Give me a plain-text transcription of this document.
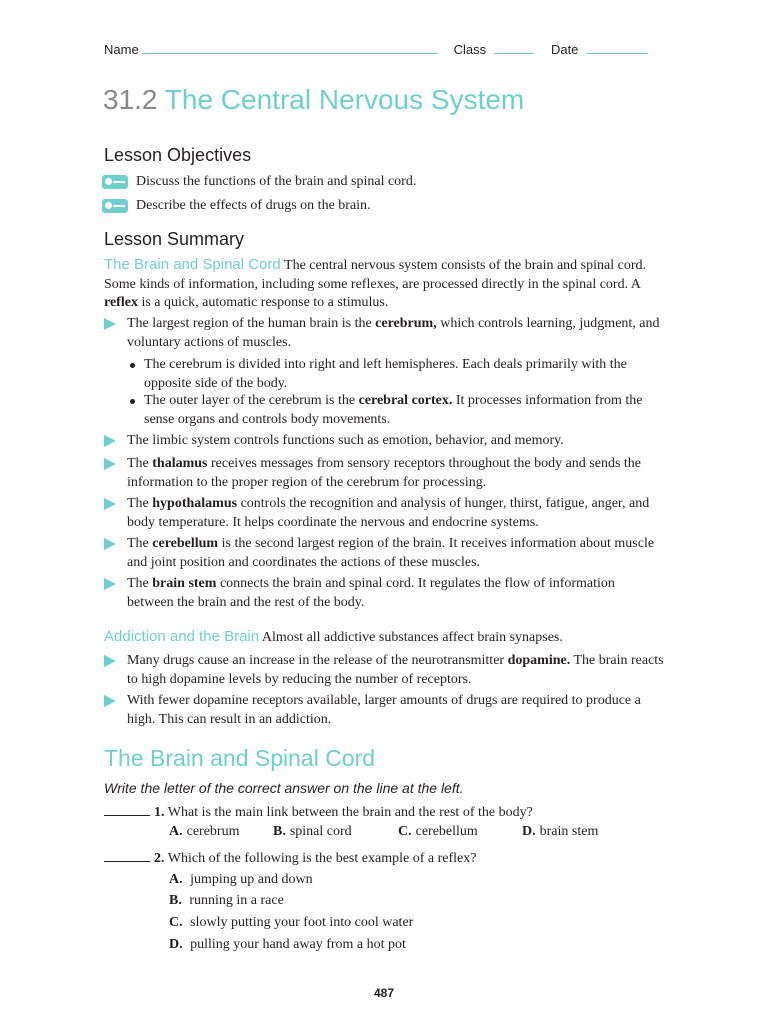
Name	Class	Date
31.2 The Central Nervous System
Lesson Objectives
Discuss the functions of the brain and spinal cord.
Describe the effects of drugs on the brain.
Lesson Summary

The Brain and Spinal Cord The central nervous system consists of the brain and spinal cord. Some kinds of information, including some reflexes, are processed directly in the spinal cord. A reflex is a quick, automatic response to a stimulus.

The largest region of the human brain is the cerebrum, which controls learning, judgment, and voluntary actions of muscles.
The cerebrum is divided into right and left hemispheres. Each deals primarily with the opposite side of the body.
The outer layer of the cerebrum is the cerebral cortex. It processes information from the sense organs and controls body movements.
The limbic system controls functions such as emotion, behavior, and memory.
The thalamus receives messages from sensory receptors throughout the body and sends the information to the proper region of the cerebrum for processing.
The hypothalamus controls the recognition and analysis of hunger, thirst, fatigue, anger, and body temperature. It helps coordinate the nervous and endocrine systems.
The cerebellum is the second largest region of the brain. It receives information about muscle and joint position and coordinates the actions of these muscles.
The brain stem connects the brain and spinal cord. It regulates the flow of information between the brain and the rest of the body.

Addiction and the Brain Almost all addictive substances affect brain synapses.

Many drugs cause an increase in the release of the neurotransmitter dopamine. The brain reacts to high dopamine levels by reducing the number of receptors.
With fewer dopamine receptors available, larger amounts of drugs are required to produce a high. This can result in an addiction.
The Brain and Spinal Cord
Write the letter of the correct answer on the line at the left.
1. What is the main link between the brain and the rest of the body?
A. cerebrum B. spinal cord	C. cerebellum	D. brain stem
2. Which of the following is the best example of a reflex?
A. jumping up and down
B. running in a race
C. slowly putting your foot into cool water
D. pulling your hand away from a hot pot
487
